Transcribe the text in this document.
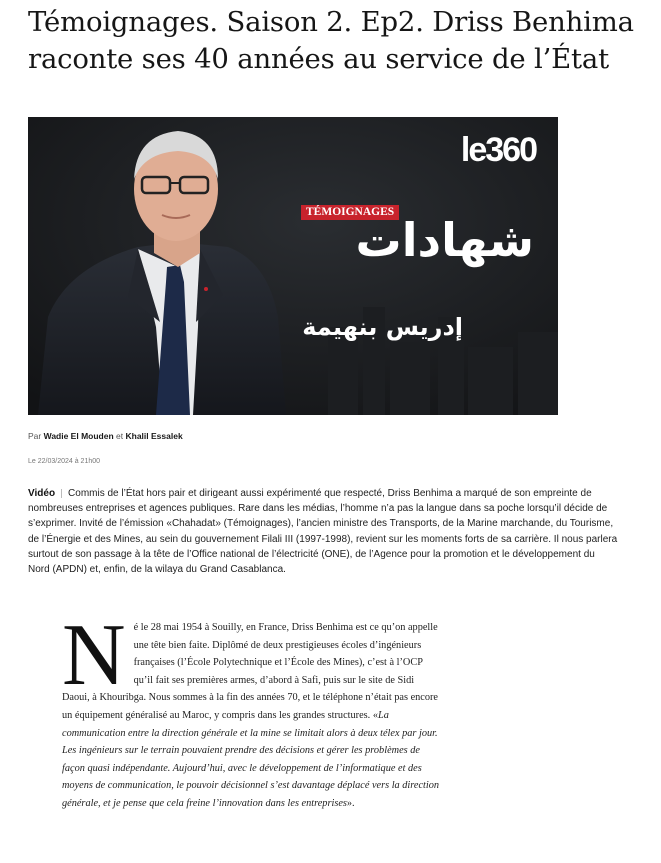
Témoignages. Saison 2. Ep2. Driss Benhima raconte ses 40 années au service de l’État
le360
TÉMOIGNAGES
شهادات
إدريس بنهيمة
Par Wadie El Mouden et Khalil Essalek
Le 22/03/2024 à 21h00

Vidéo Commis de l’État hors pair et dirigeant aussi expérimenté que respecté, Driss Benhima a marqué de son empreinte de nombreuses entreprises et agences publiques. Rare dans les médias, l’homme n’a pas la langue dans sa poche lorsqu’il décide de s’exprimer. Invité de l’émission «Chahadat» (Témoignages), l’ancien ministre des Transports, de la Marine marchande, du Tourisme, de l’Énergie et des Mines, au sein du gouvernement Filali III (1997-1998), revient sur les moments forts de sa carrière. Il nous parlera surtout de son passage à la tête de l’Office national de l’électricité (ONE), de l’Agence pour la promotion et le développement du Nord (APDN) et, enfin, de la wilaya du Grand Casablanca.

Né le 28 mai 1954 à Souilly, en France, Driss Benhima est ce qu’on appelle une tête bien faite. Diplômé de deux prestigieuses écoles d’ingénieurs françaises (l’École Polytechnique et l’École des Mines), c’est à l’OCP qu’il fait ses premières armes, d’abord à Safi, puis sur le site de Sidi Daoui, à Khouribga. Nous sommes à la fin des années 70, et le téléphone n’était pas encore un équipement généralisé au Maroc, y compris dans les grandes structures. «La communication entre la direction générale et la mine se limitait alors à deux télex par jour. Les ingénieurs sur le terrain pouvaient prendre des décisions et gérer les problèmes de façon quasi indépendante. Aujourd’hui, avec le développement de l’informatique et des moyens de communication, le pouvoir décisionnel s’est davantage déplacé vers la direction générale, et je pense que cela freine l’innovation dans les entreprises».
